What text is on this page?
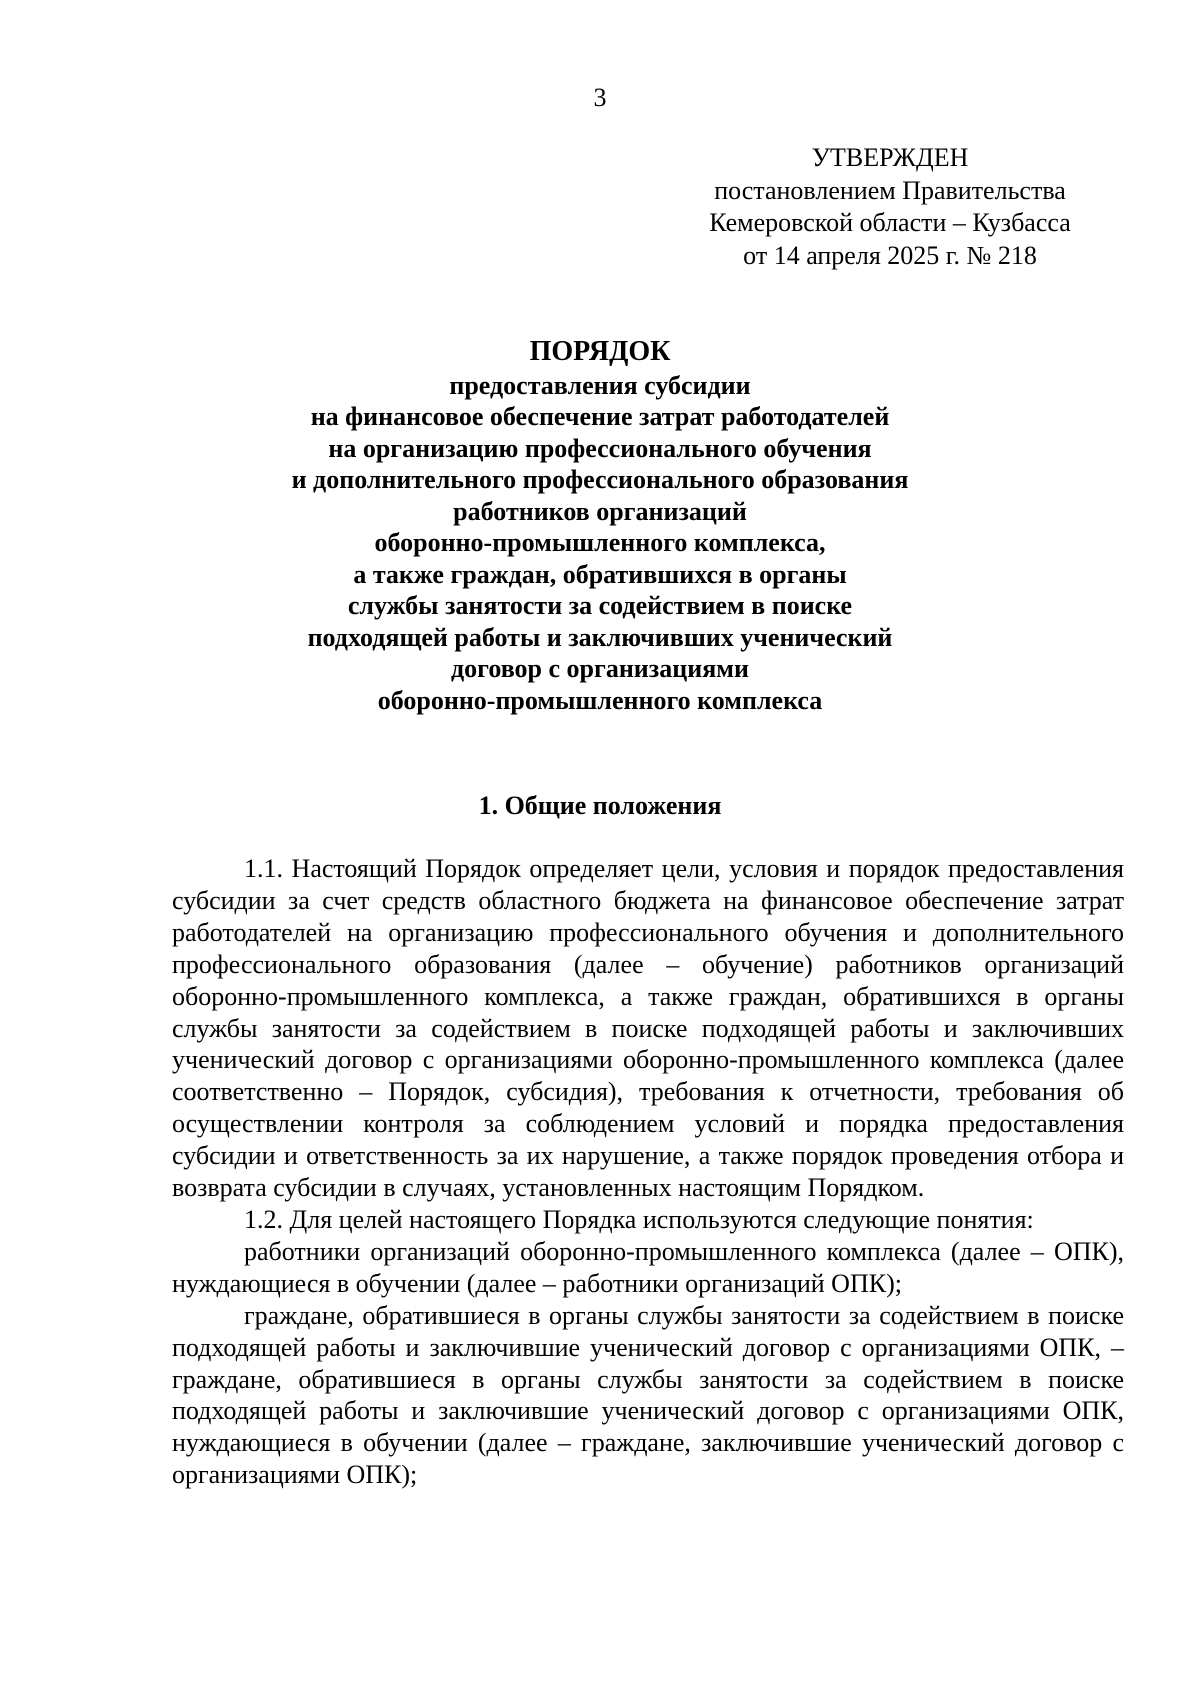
3
УТВЕРЖДЕН
постановлением Правительства
Кемеровской области – Кузбасса
от 14 апреля 2025 г. № 218
ПОРЯДОК
предоставления субсидии
на финансовое обеспечение затрат работодателей
на организацию профессионального обучения
и дополнительного профессионального образования
работников организаций
оборонно-промышленного комплекса,
а также граждан, обратившихся в органы
службы занятости за содействием в поиске
подходящей работы и заключивших ученический
договор с организациями
оборонно-промышленного комплекса
1. Общие положения

1.1. Настоящий Порядок определяет цели, условия и порядок предоставления субсидии за счет средств областного бюджета на финансовое обеспечение затрат работодателей на организацию профессионального обучения и дополнительного профессионального образования (далее – обучение) работников организаций оборонно-промышленного комплекса, а также граждан, обратившихся в органы службы занятости за содействием в поиске подходящей работы и заключивших ученический договор с организациями оборонно-промышленного комплекса (далее соответственно – Порядок, субсидия), требования к отчетности, требования об осуществлении контроля за соблюдением условий и порядка предоставления субсидии и ответственность за их нарушение, а также порядок проведения отбора и возврата субсидии в случаях, установленных настоящим Порядком.

1.2. Для целей настоящего Порядка используются следующие понятия:

работники организаций оборонно-промышленного комплекса (далее – ОПК), нуждающиеся в обучении (далее – работники организаций ОПК);

граждане, обратившиеся в органы службы занятости за содействием в поиске подходящей работы и заключившие ученический договор с организациями ОПК, – граждане, обратившиеся в органы службы занятости за содействием в поиске подходящей работы и заключившие ученический договор с организациями ОПК, нуждающиеся в обучении (далее – граждане, заключившие ученический договор с организациями ОПК);
